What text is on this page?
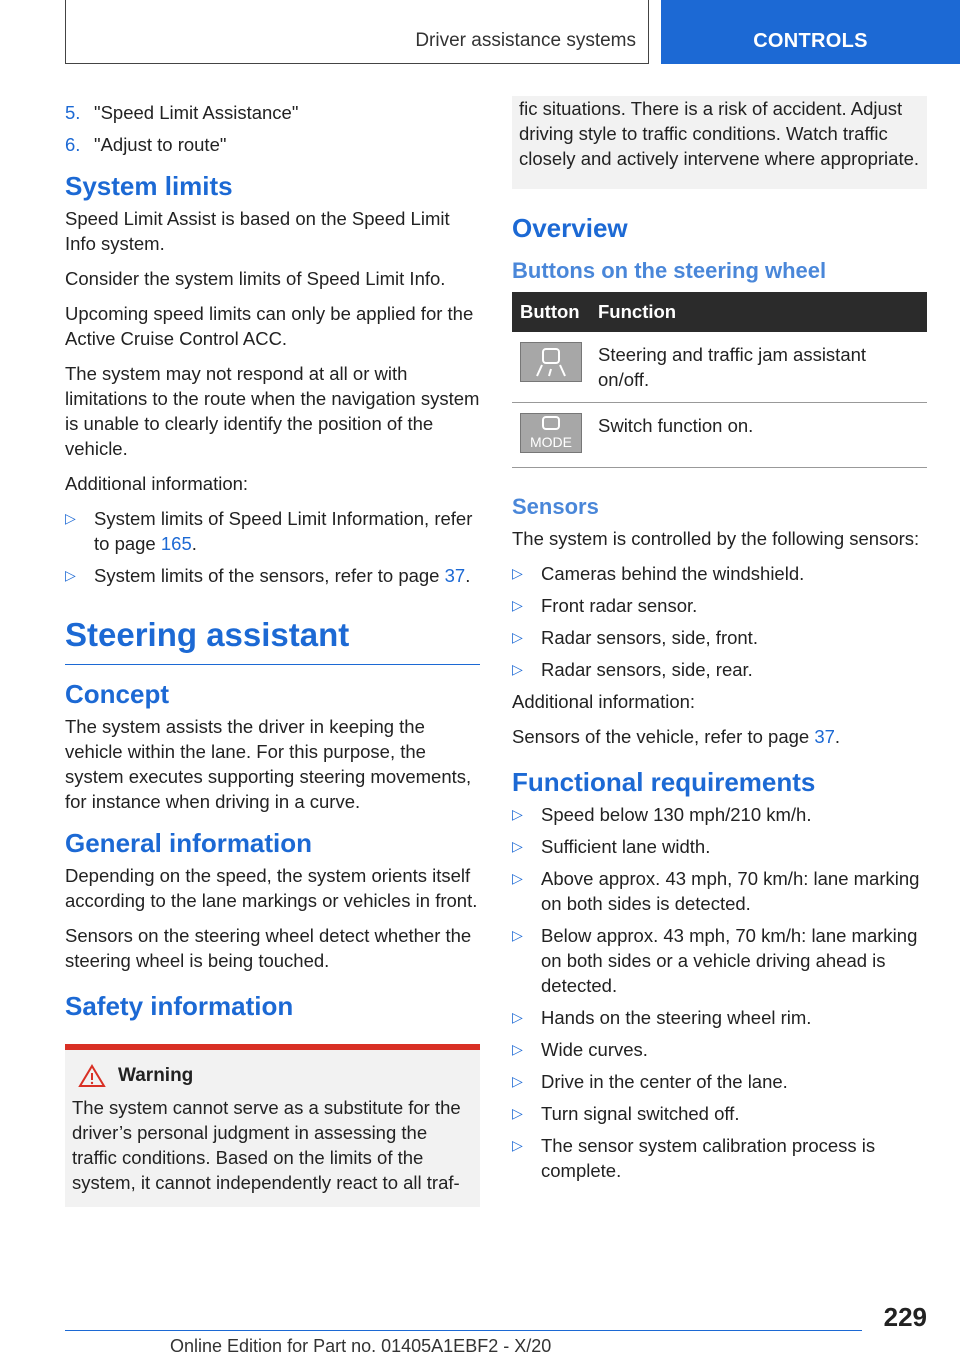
Driver assistance systems	CONTROLS
5. "Speed Limit Assistance"
6. "Adjust to route"
System limits

Speed Limit Assist is based on the Speed Limit Info system.

Consider the system limits of Speed Limit Info.

Upcoming speed limits can only be applied for the Active Cruise Control ACC.

The system may not respond at all or with limitations to the route when the navigation system is unable to clearly identify the position of the vehicle.

Additional information:

▷ System limits of Speed Limit Information, refer to page 165.
▷ System limits of the sensors, refer to page 37.
Steering assistant
Concept

The system assists the driver in keeping the vehicle within the lane. For this purpose, the system executes supporting steering movements, for instance when driving in a curve.

General information

Depending on the speed, the system orients itself according to the lane markings or vehicles in front.

Sensors on the steering wheel detect whether the steering wheel is being touched.

Safety information
Warning
The system cannot serve as a substitute for the driver’s personal judgment in assessing the traffic conditions. Based on the limits of the system, it cannot independently react to all traf-
fic situations. There is a risk of accident. Adjust driving style to traffic conditions. Watch traffic closely and actively intervene where appropriate.
Overview
Buttons on the steering wheel
Button	Function

	Steering and traffic jam assistant on/off.

MODE	Switch function on.
Sensors

The system is controlled by the following sensors:

▷ Cameras behind the windshield.
▷ Front radar sensor.
▷ Radar sensors, side, front.
▷ Radar sensors, side, rear.

Additional information:

Sensors of the vehicle, refer to page 37.

Functional requirements
▷ Speed below 130 mph/210 km/h.
▷ Sufficient lane width.
▷ Above approx. 43 mph, 70 km/h: lane marking on both sides is detected.
▷ Below approx. 43 mph, 70 km/h: lane marking on both sides or a vehicle driving ahead is detected.
▷ Hands on the steering wheel rim.
▷ Wide curves.
▷ Drive in the center of the lane.
▷ Turn signal switched off.
▷ The sensor system calibration process is complete.
229
Online Edition for Part no. 01405A1EBF2 - X/20
